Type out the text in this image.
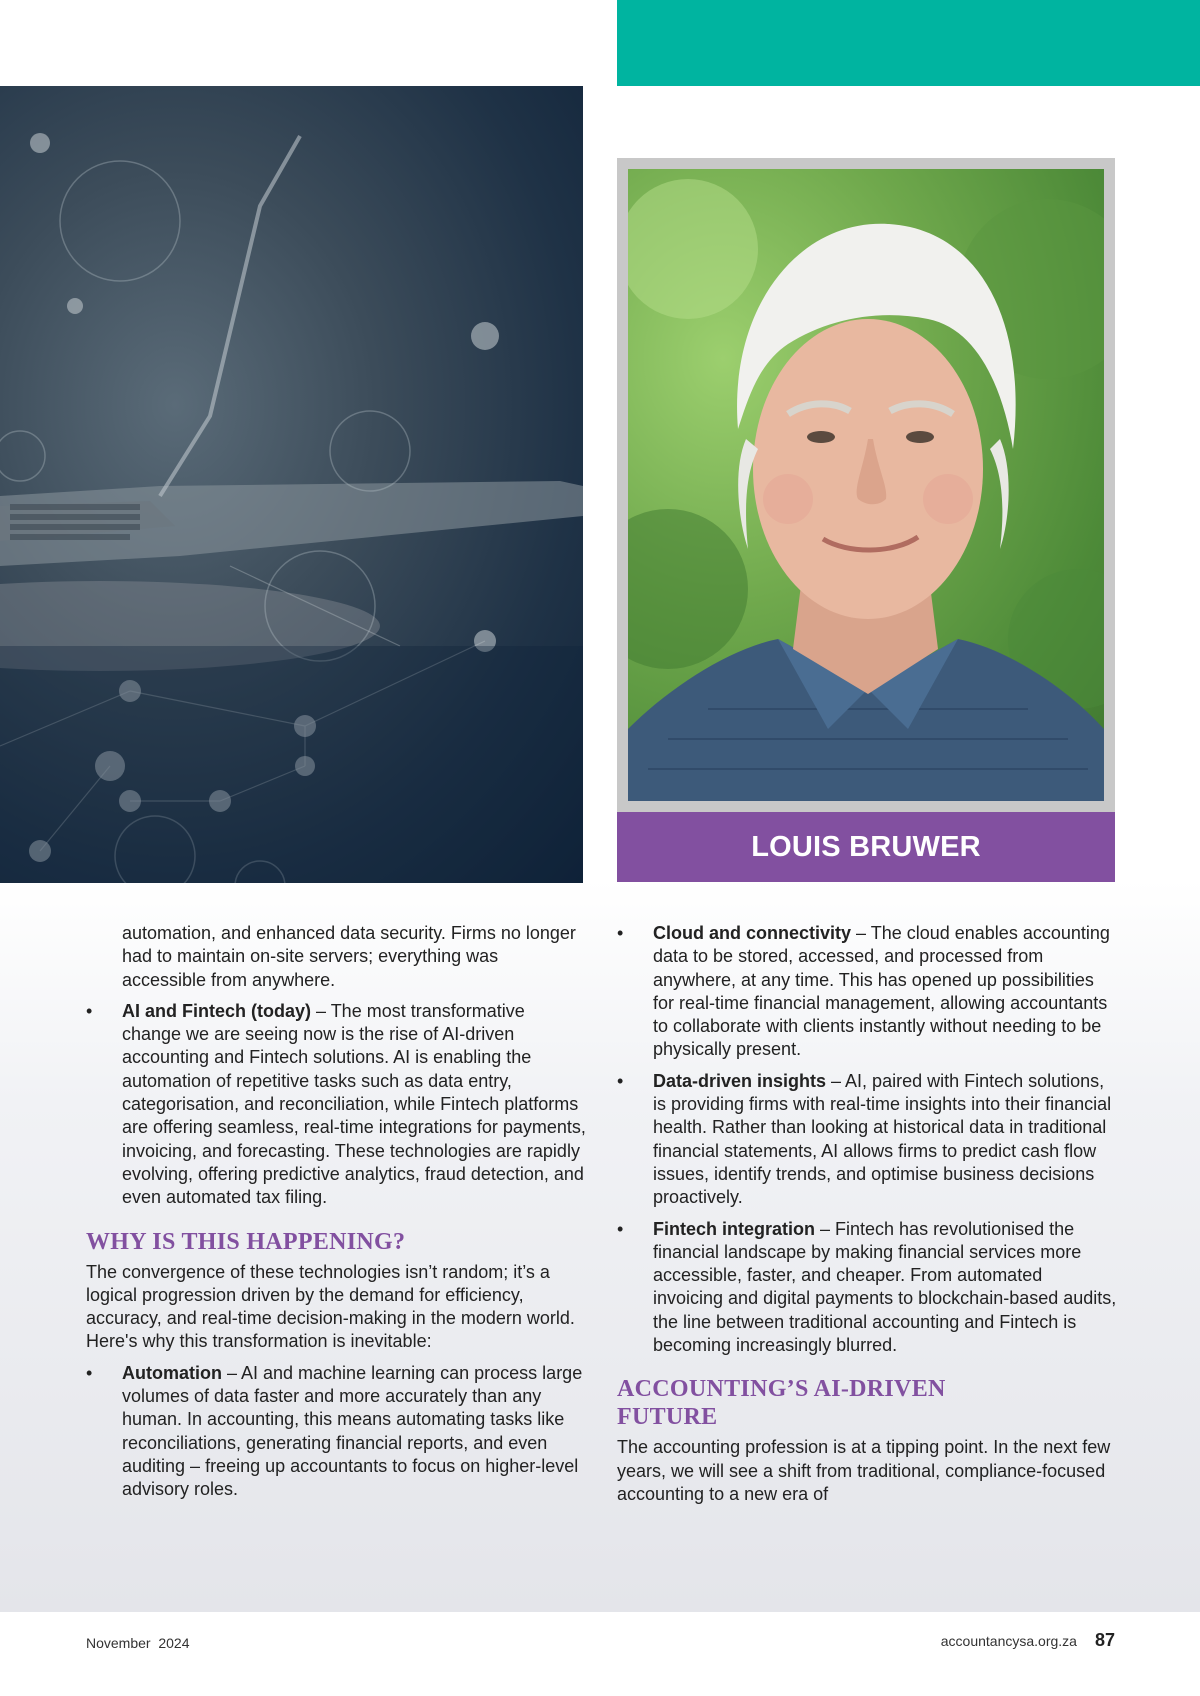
LOUIS BRUWER
automation, and enhanced data security. Firms no longer had to maintain on-site servers; everything was accessible from anywhere.
•	AI and Fintech (today) – The most transformative change we are seeing now is the rise of AI-driven accounting and Fintech solutions. AI is enabling the automation of repetitive tasks such as data entry, categorisation, and reconciliation, while Fintech platforms are offering seamless, real-time integrations for payments, invoicing, and forecasting. These technologies are rapidly evolving, offering predictive analytics, fraud detection, and even automated tax filing.
WHY IS THIS HAPPENING?

The convergence of these technologies isn’t random; it’s a logical progression driven by the demand for efficiency, accuracy, and real-time decision-making in the modern world. Here's why this transformation is inevitable:

•	Automation – AI and machine learning can process large volumes of data faster and more accurately than any human. In accounting, this means automating tasks like reconciliations, generating financial reports, and even auditing – freeing up accountants to focus on higher-level advisory roles.
•	Cloud and connectivity – The cloud enables accounting data to be stored, accessed, and processed from anywhere, at any time. This has opened up possibilities for real-time financial management, allowing accountants to collaborate with clients instantly without needing to be physically present.
•	Data-driven insights – AI, paired with Fintech solutions, is providing firms with real-time insights into their financial health. Rather than looking at historical data in traditional financial statements, AI allows firms to predict cash flow issues, identify trends, and optimise business decisions proactively.
•	Fintech integration – Fintech has revolutionised the financial landscape by making financial services more accessible, faster, and cheaper. From automated invoicing and digital payments to blockchain-based audits, the line between traditional accounting and Fintech is becoming increasingly blurred.
ACCOUNTING’S AI-DRIVEN FUTURE

The accounting profession is at a tipping point. In the next few years, we will see a shift from traditional, compliance-focused accounting to a new era of

November  2024	accountancysa.org.za 87
